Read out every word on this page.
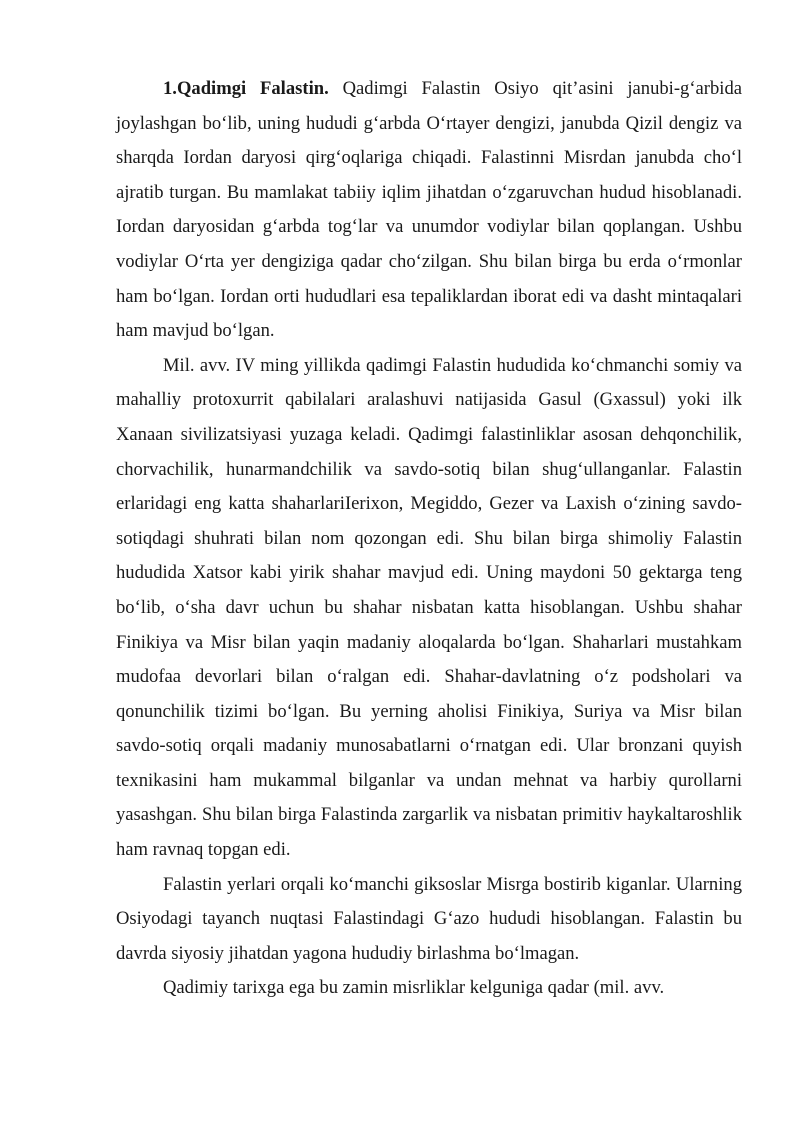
1.Qadimgi Falastin. Qadimgi Falastin Osiyo qit’asini janubi-g‘arbida joylashgan bo‘lib, uning hududi g‘arbda O‘rtayer dengizi, janubda Qizil dengiz va sharqda Iordan daryosi qirg‘oqlariga chiqadi. Falastinni Misrdan janubda cho‘l ajratib turgan. Bu mamlakat tabiiy iqlim jihatdan o‘zgaruvchan hudud hisoblanadi. Iordan daryosidan g‘arbda tog‘lar va unumdor vodiylar bilan qoplangan. Ushbu vodiylar O‘rta yer dengiziga qadar cho‘zilgan. Shu bilan birga bu erda o‘rmonlar ham bo‘lgan. Iordan orti hududlari esa tepaliklardan iborat edi va dasht mintaqalari ham mavjud bo‘lgan.

Mil. avv. IV ming yillikda qadimgi Falastin hududida ko‘chmanchi somiy va mahalliy protoxurrit qabilalari aralashuvi natijasida Gasul (Gxassul) yoki ilk Xanaan sivilizatsiyasi yuzaga keladi. Qadimgi falastinliklar asosan dehqonchilik, chorvachilik, hunarmandchilik va savdo-sotiq bilan shug‘ullanganlar. Falastin erlaridagi eng katta shaharlariIerixon, Megiddo, Gezer va Laxish o‘zining savdo- sotiqdagi shuhrati bilan nom qozongan edi. Shu bilan birga shimoliy Falastin hududida Xatsor kabi yirik shahar mavjud edi. Uning maydoni 50 gektarga teng bo‘lib, o‘sha davr uchun bu shahar nisbatan katta hisoblangan. Ushbu shahar Finikiya va Misr bilan yaqin madaniy aloqalarda bo‘lgan. Shaharlari mustahkam mudofaa devorlari bilan o‘ralgan edi. Shahar-davlatning o‘z podsholari va qonunchilik tizimi bo‘lgan. Bu yerning aholisi Finikiya, Suriya va Misr bilan savdo-sotiq orqali madaniy munosabatlarni o‘rnatgan edi. Ular bronzani quyish texnikasini ham mukammal bilganlar va undan mehnat va harbiy qurollarni yasashgan. Shu bilan birga Falastinda zargarlik va nisbatan primitiv haykaltaroshlik ham ravnaq topgan edi.

Falastin yerlari orqali ko‘manchi giksoslar Misrga bostirib kiganlar. Ularning Osiyodagi tayanch nuqtasi Falastindagi G‘azo hududi hisoblangan. Falastin bu davrda siyosiy jihatdan yagona hududiy birlashma bo‘lmagan.

Qadimiy tarixga ega bu zamin misrliklar kelguniga qadar (mil. avv.
